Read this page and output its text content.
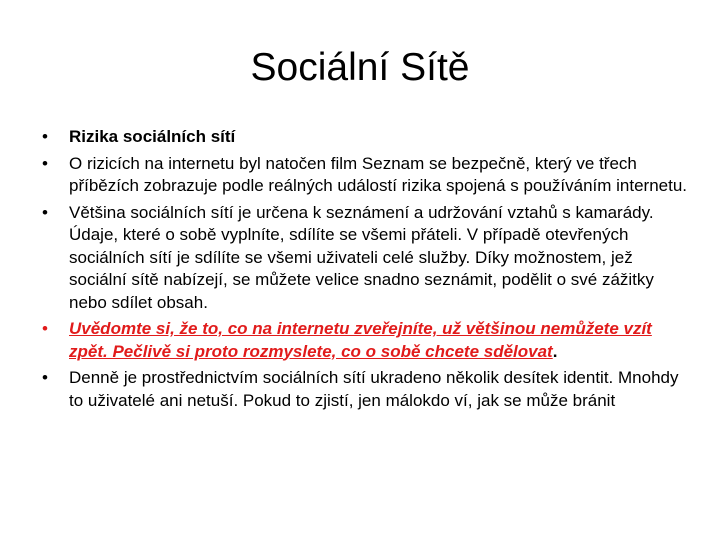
Sociální Sítě
• Rizika sociálních sítí
• O rizicích na internetu byl natočen film Seznam se bezpečně, který ve třech příbězích zobrazuje podle reálných událostí rizika spojená s používáním internetu.
• Většina sociálních sítí je určena k seznámení a udržování vztahů s kamarády. Údaje, které o sobě vyplníte, sdílíte se všemi přáteli. V případě otevřených sociálních sítí je sdílíte se všemi uživateli celé služby. Díky možnostem, jež sociální sítě nabízejí, se můžete velice snadno seznámit, podělit o své zážitky nebo sdílet obsah.
• Uvědomte si, že to, co na internetu zveřejníte, už většinou nemůžete vzít zpět. Pečlivě si proto rozmyslete, co o sobě chcete sdělovat.
• Denně je prostřednictvím sociálních sítí ukradeno několik desítek identit. Mnohdy to uživatelé ani netuší. Pokud to zjistí, jen málokdo ví, jak se může bránit
